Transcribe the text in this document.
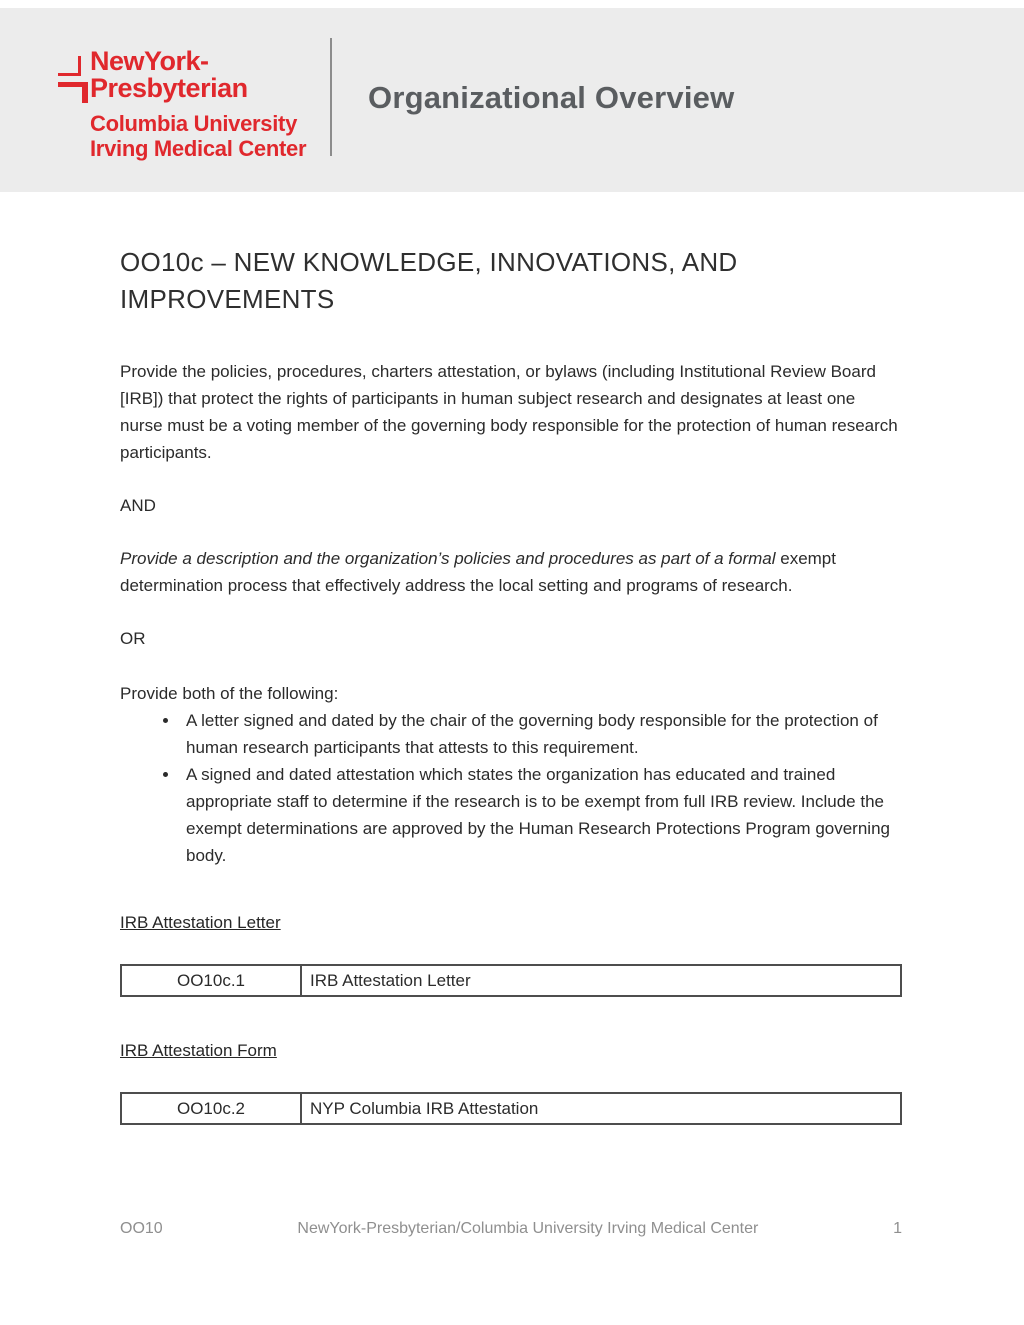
NewYork-
Presbyterian
Columbia University
Irving Medical Center
Organizational Overview
OO10c – NEW KNOWLEDGE, INNOVATIONS, AND IMPROVEMENTS

Provide the policies, procedures, charters attestation, or bylaws (including Institutional Review Board [IRB]) that protect the rights of participants in human subject research and designates at least one nurse must be a voting member of the governing body responsible for the protection of human research participants.

AND

Provide a description and the organization’s policies and procedures as part of a formal exempt determination process that effectively address the local setting and programs of research.

OR

Provide both of the following:

• A letter signed and dated by the chair of the governing body responsible for the protection of human research participants that attests to this requirement.
• A signed and dated attestation which states the organization has educated and trained appropriate staff to determine if the research is to be exempt from full IRB review. Include the exempt determinations are approved by the Human Research Protections Program governing body.
IRB Attestation Letter
OO10c.1	IRB Attestation Letter
IRB Attestation Form
OO10c.2	NYP Columbia IRB Attestation
OO10	NewYork-Presbyterian/Columbia University Irving Medical Center	1
